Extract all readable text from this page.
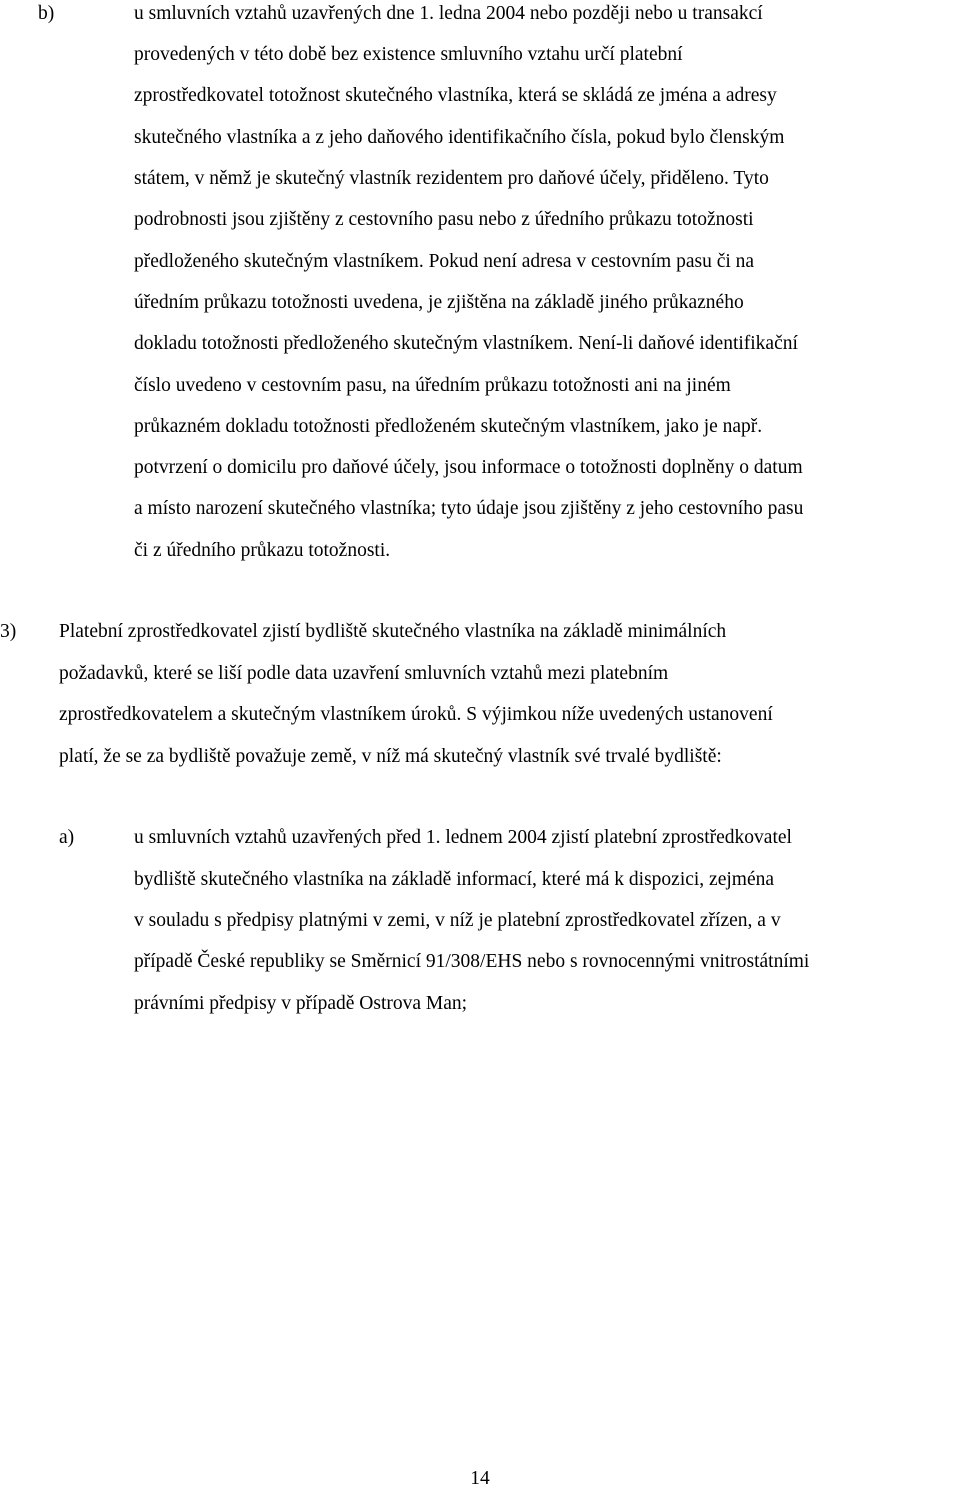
b)	u smluvních vztahů uzavřených dne 1. ledna 2004 nebo později nebo u transakcí
provedených v této době bez existence smluvního vztahu určí platební
zprostředkovatel totožnost skutečného vlastníka, která se skládá ze jména a adresy
skutečného vlastníka a z jeho daňového identifikačního čísla, pokud bylo členským
státem, v němž je skutečný vlastník rezidentem pro daňové účely, přiděleno. Tyto
podrobnosti jsou zjištěny z cestovního pasu nebo z úředního průkazu totožnosti
předloženého skutečným vlastníkem. Pokud není adresa v cestovním pasu či na
úředním průkazu totožnosti uvedena, je zjištěna na základě jiného průkazného
dokladu totožnosti předloženého skutečným vlastníkem. Není-li daňové identifikační
číslo uvedeno v cestovním pasu, na úředním průkazu totožnosti ani na jiném
průkazném dokladu totožnosti předloženém skutečným vlastníkem, jako je např.
potvrzení o domicilu pro daňové účely, jsou informace o totožnosti doplněny o datum
a místo narození skutečného vlastníka; tyto údaje jsou zjištěny z jeho cestovního pasu
či z úředního průkazu totožnosti.
3) Platební zprostředkovatel zjistí bydliště skutečného vlastníka na základě minimálních
požadavků, které se liší podle data uzavření smluvních vztahů mezi platebním
zprostředkovatelem a skutečným vlastníkem úroků. S výjimkou níže uvedených ustanovení
platí, že se za bydliště považuje země, v níž má skutečný vlastník své trvalé bydliště:
a)	u smluvních vztahů uzavřených před 1. lednem 2004 zjistí platební zprostředkovatel
bydliště skutečného vlastníka na základě informací, které má k dispozici, zejména
v souladu s předpisy platnými v zemi, v níž je platební zprostředkovatel zřízen, a v
případě České republiky se Směrnicí 91/308/EHS nebo s rovnocennými vnitrostátními
právními předpisy v případě Ostrova Man;
14
